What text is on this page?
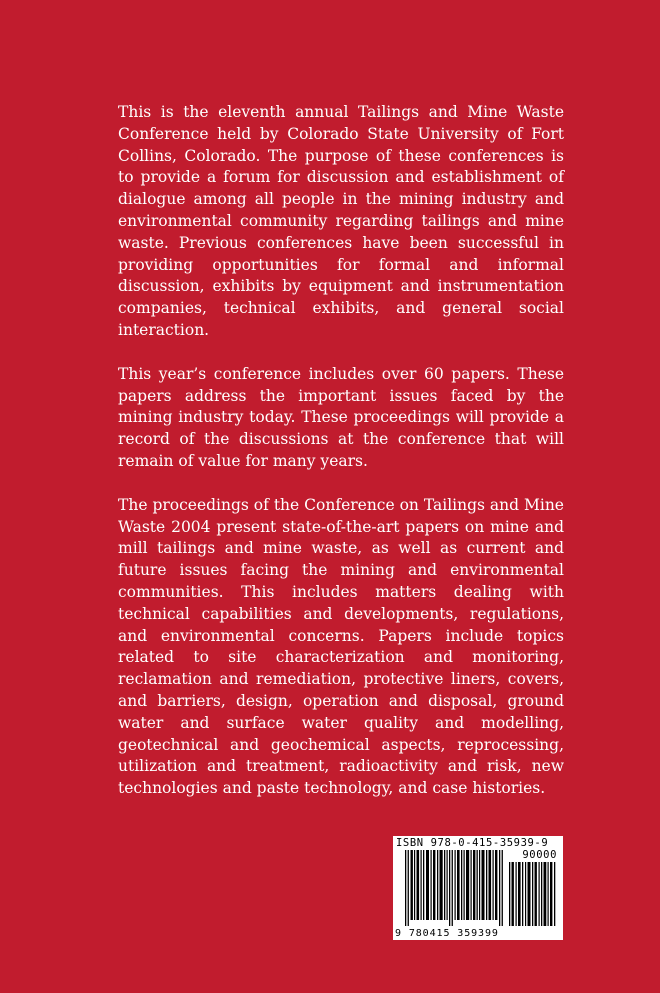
This is the eleventh annual Tailings and Mine Waste Conference held by Colorado State University of Fort Collins, Colorado. The purpose of these conferences is to provide a forum for discussion and establishment of dialogue among all people in the mining industry and environmental community regarding tailings and mine waste. Previous conferences have been successful in providing opportunities for formal and informal discussion, exhibits by equipment and instrumentation companies, technical exhibits, and general social interaction.

This year’s conference includes over 60 papers. These papers address the important issues faced by the mining industry today. These proceedings will provide a record of the discussions at the conference that will remain of value for many years.

The proceedings of the Conference on Tailings and Mine Waste 2004 present state-of-the-art papers on mine and mill tailings and mine waste, as well as current and future issues facing the mining and environmental communities. This includes matters dealing with technical capabilities and developments, regulations, and environmental concerns. Papers include topics related to site characterization and monitoring, reclamation and remediation, protective liners, covers, and barriers, design, operation and disposal, ground water and surface water quality and modelling, geotechnical and geochemical aspects, reprocessing, utilization and treatment, radioactivity and risk, new technologies and paste technology, and case histories.

ISBN 978-0-415-35939-9
90000
9 780415 359399
